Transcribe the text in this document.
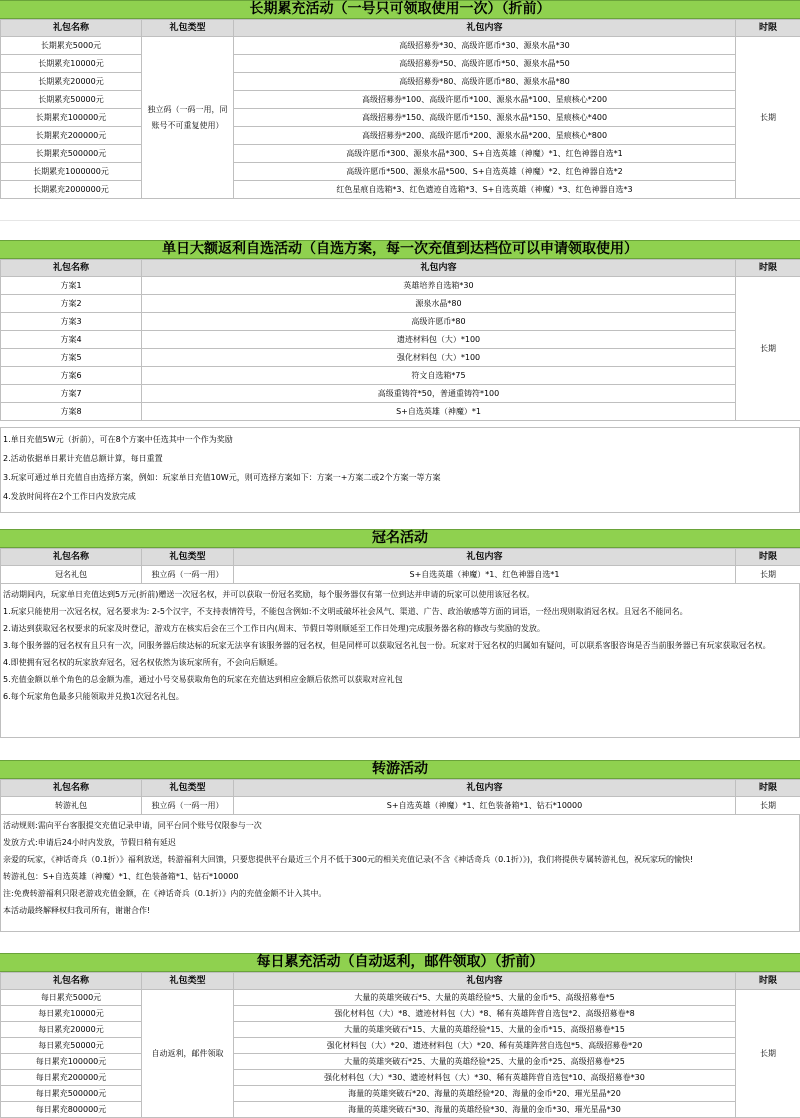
长期累充活动（一号只可领取使用一次）（折前）
礼包名称	礼包类型	礼包内容	时限
长期累充5000元	独立码（一码一用，同账号不可重复使用）	高级招募券*30、高级许愿币*30、源泉水晶*30	长期
长期累充10000元		高级招募券*50、高级许愿币*50、源泉水晶*50	
长期累充20000元		高级招募券*80、高级许愿币*80、源泉水晶*80	
长期累充50000元		高级招募券*100、高级许愿币*100、源泉水晶*100、星痕核心*200	
长期累充100000元		高级招募券*150、高级许愿币*150、源泉水晶*150、星痕核心*400	
长期累充200000元		高级招募券*200、高级许愿币*200、源泉水晶*200、星痕核心*800	
长期累充500000元		高级许愿币*300、源泉水晶*300、S+自选英雄（神魔）*1、红色神器自选*1	
长期累充1000000元		高级许愿币*500、源泉水晶*500、S+自选英雄（神魔）*2、红色神器自选*2	
长期累充2000000元		红色星痕自选箱*3、红色遗迹自选箱*3、S+自选英雄（神魔）*3、红色神器自选*3	
单日大额返利自选活动（自选方案，每一次充值到达档位可以申请领取使用）
礼包名称	礼包内容	时限
方案1	英雄培养自选箱*30	长期
方案2	源泉水晶*80	
方案3	高级许愿币*80	
方案4	遗迹材料包（大）*100	
方案5	强化材料包（大）*100	
方案6	符文自选箱*75	
方案7	高级重铸符*50，普通重铸符*100	
方案8	S+自选英雄（神魔）*1	
1.单日充值5W元（折前），可在8个方案中任选其中一个作为奖励
2.活动依据单日累计充值总额计算，每日重置
3.玩家可通过单日充值自由选择方案，例如：玩家单日充值10W元，则可选择方案如下：方案一+方案二或2个方案一等方案
4.发放时间将在2个工作日内发放完成
冠名活动
礼包名称	礼包类型	礼包内容	时限
冠名礼包	独立码（一码一用）	S+自选英雄（神魔）*1、红色神器自选*1	长期
活动期间内，玩家单日充值达到5万元(折前)赠送一次冠名权，并可以获取一份冠名奖励，每个服务器仅有第一位到达并申请的玩家可以使用该冠名权。
1.玩家只能使用一次冠名权，冠名要求为: 2-5个汉字，不支持表情符号，不能包含例如:不文明或破坏社会风气、渠道、广告、政治敏感等方面的词语，一经出现则取消冠名权。且冠名不能同名。
2.请达到获取冠名权要求的玩家及时登记，游戏方在核实后会在三个工作日内(周末、节假日等则顺延至工作日处理)完成服务器名称的修改与奖励的发放。
3.每个服务器的冠名权有且只有一次，同服务器后续达标的玩家无法享有该服务器的冠名权，但是同样可以获取冠名礼包一份。玩家对于冠名权的归属如有疑问，可以联系客服咨询是否当前服务器已有玩家获取冠名权。
4.即使拥有冠名权的玩家放弃冠名，冠名权依然为该玩家所有，不会向后顺延。
5.充值金额以单个角色的总金额为准，通过小号交易获取角色的玩家在充值达到相应金额后依然可以获取对应礼包
6.每个玩家角色最多只能领取并兑换1次冠名礼包。
转游活动
礼包名称	礼包类型	礼包内容	时限
转游礼包	独立码（一码一用）	S+自选英雄（神魔）*1、红色装备箱*1、钻石*10000	长期
活动规则:需向平台客服提交充值记录申请，同平台同个账号仅限参与一次
发放方式:申请后24小时内发放，节假日稍有延迟
亲爱的玩家，《神话奇兵（0.1折）》福利放送，转游福利大回馈，只要您提供平台最近三个月不低于300元的相关充值记录(不含《神话奇兵（0.1折）》)，我们将提供专属转游礼包，祝玩家玩的愉快!
转游礼包：S+自选英雄（神魔）*1、红色装备箱*1、钻石*10000
注:免费转游福利只限老游戏充值金额，在《神话奇兵（0.1折）》内的充值金额不计入其中。
本活动最终解释权归我司所有，谢谢合作!
每日累充活动（自动返利，邮件领取）（折前）
礼包名称	礼包类型	礼包内容	时限
每日累充5000元	自动返利，邮件领取	大量的英雄突破石*5、大量的英雄经验*5、大量的金币*5、高级招募卷*5	长期
每日累充10000元		强化材料包（大）*8、遗迹材料包（大）*8、稀有英雄阵营自选包*2、高级招募卷*8	
每日累充20000元		大量的英雄突破石*15、大量的英雄经验*15、大量的金币*15、高级招募卷*15	
每日累充50000元		强化材料包（大）*20、遗迹材料包（大）*20、稀有英雄阵营自选包*5、高级招募卷*20	
每日累充100000元		大量的英雄突破石*25、大量的英雄经验*25、大量的金币*25、高级招募卷*25	
每日累充200000元		强化材料包（大）*30、遗迹材料包（大）*30、稀有英雄阵营自选包*10、高级招募卷*30	
每日累充500000元		海量的英雄突破石*20、海量的英雄经验*20、海量的金币*20、璀光星晶*20	
每日累充800000元		海量的英雄突破石*30、海量的英雄经验*30、海量的金币*30、璀光星晶*30	
